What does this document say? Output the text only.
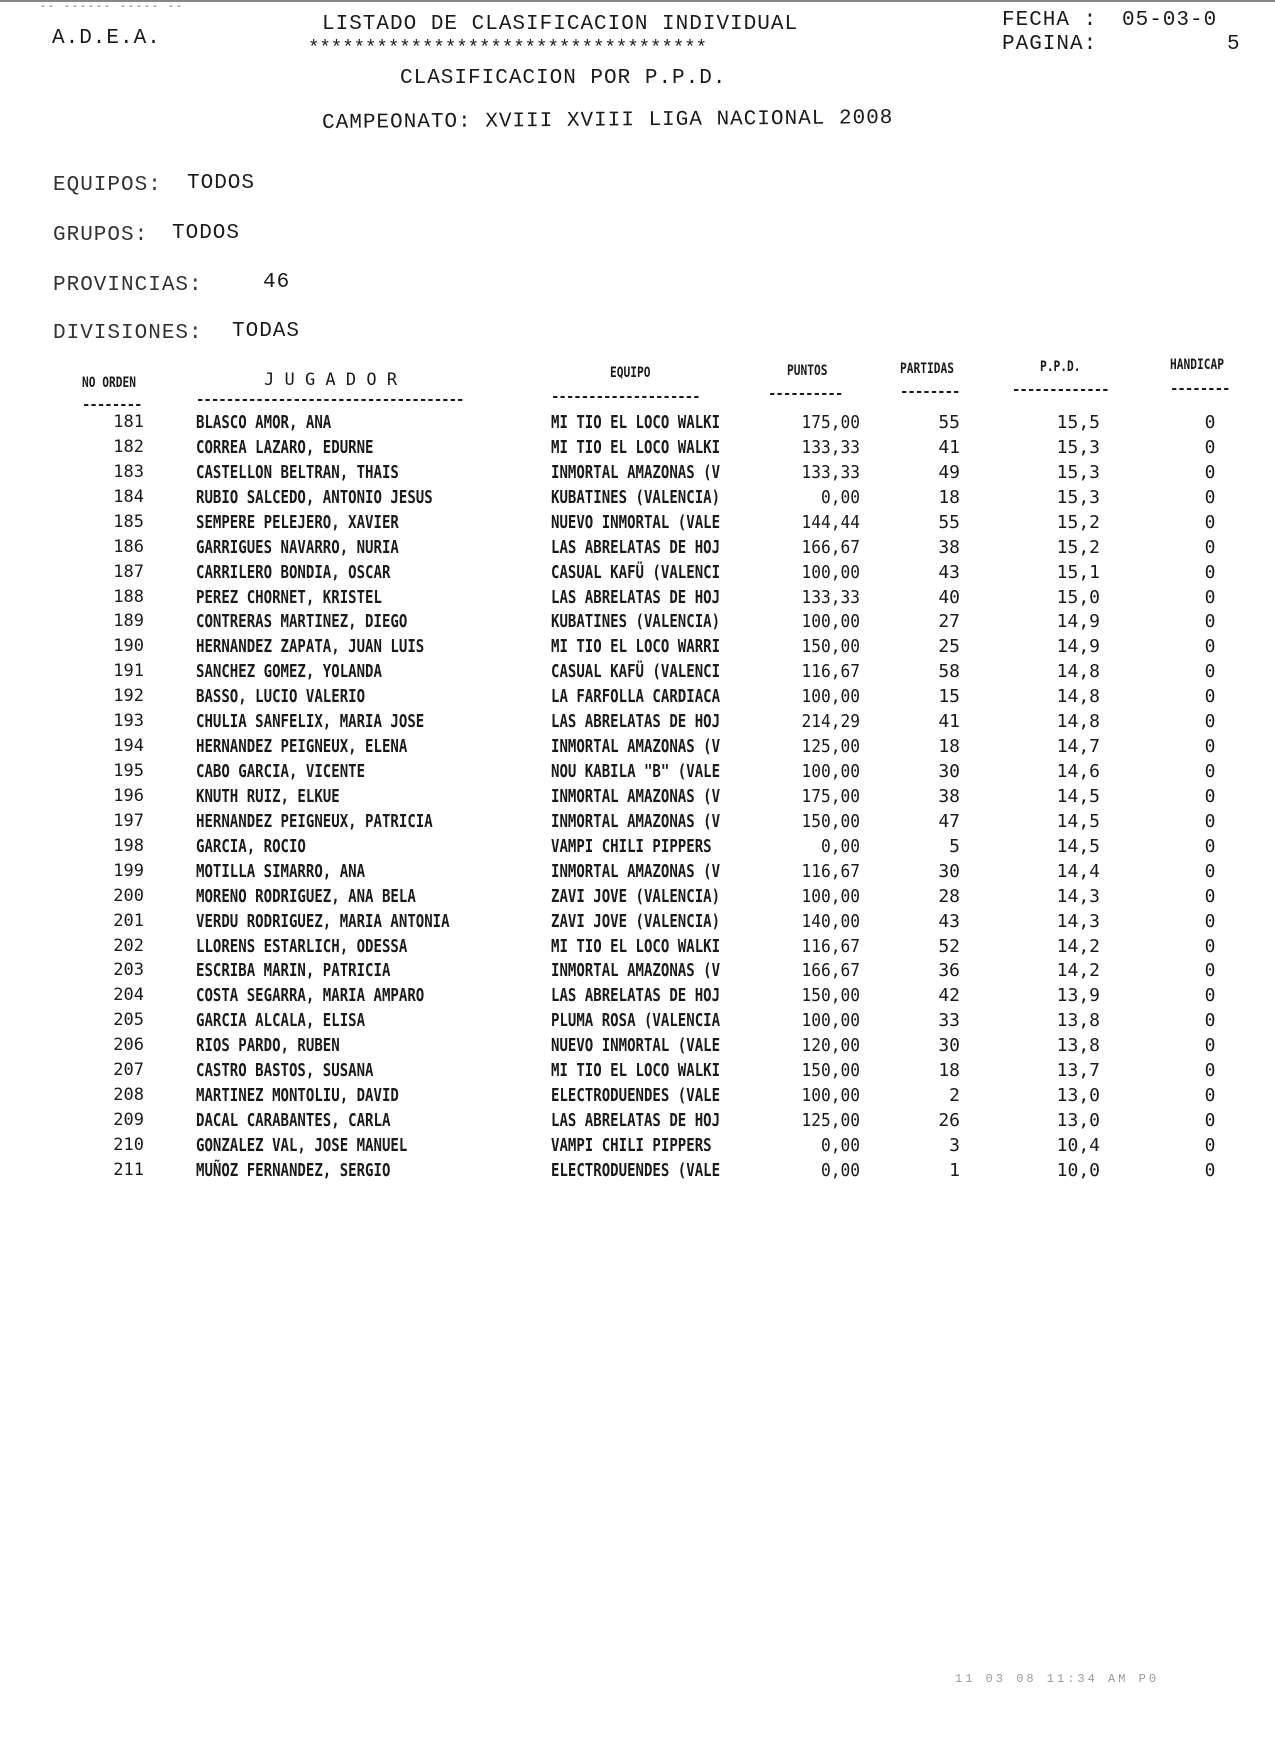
-- ------ ----- --
A.D.E.A.
LISTADO DE CLASIFICACION INDIVIDUAL
***********************************
CLASIFICACION POR P.P.D.
FECHA : 05-03-0
PAGINA:	5
CAMPEONATO: XVIII XVIII LIGA NACIONAL 2008
EQUIPOS: TODOS
GRUPOS: TODOS
PROVINCIAS:	46
DIVISIONES: TODAS
NO ORDEN	J U G A D O R	EQUIPO	PUNTOS	PARTIDAS	P.P.D.	HANDICAP
--------	------------------------------------	--------------------	----------	--------	-------------	--------
181	BLASCO AMOR, ANA	MI TIO EL LOCO WALKI	175,00	55	15,5	0
182	CORREA LAZARO, EDURNE	MI TIO EL LOCO WALKI	133,33	41	15,3	0
183	CASTELLON BELTRAN, THAIS	INMORTAL AMAZONAS (V	133,33	49	15,3	0
184	RUBIO SALCEDO, ANTONIO JESUS	KUBATINES (VALENCIA)	0,00	18	15,3	0
185	SEMPERE PELEJERO, XAVIER	NUEVO INMORTAL (VALE	144,44	55	15,2	0
186	GARRIGUES NAVARRO, NURIA	LAS ABRELATAS DE HOJ	166,67	38	15,2	0
187	CARRILERO BONDIA, OSCAR	CASUAL KAFÜ (VALENCI	100,00	43	15,1	0
188	PEREZ CHORNET, KRISTEL	LAS ABRELATAS DE HOJ	133,33	40	15,0	0
189	CONTRERAS MARTINEZ, DIEGO	KUBATINES (VALENCIA)	100,00	27	14,9	0
190	HERNANDEZ ZAPATA, JUAN LUIS	MI TIO EL LOCO WARRI	150,00	25	14,9	0
191	SANCHEZ GOMEZ, YOLANDA	CASUAL KAFÜ (VALENCI	116,67	58	14,8	0
192	BASSO, LUCIO VALERIO	LA FARFOLLA CARDIACA	100,00	15	14,8	0
193	CHULIA SANFELIX, MARIA JOSE	LAS ABRELATAS DE HOJ	214,29	41	14,8	0
194	HERNANDEZ PEIGNEUX, ELENA	INMORTAL AMAZONAS (V	125,00	18	14,7	0
195	CABO GARCIA, VICENTE	NOU KABILA "B" (VALE	100,00	30	14,6	0
196	KNUTH RUIZ, ELKUE	INMORTAL AMAZONAS (V	175,00	38	14,5	0
197	HERNANDEZ PEIGNEUX, PATRICIA	INMORTAL AMAZONAS (V	150,00	47	14,5	0
198	GARCIA, ROCIO	VAMPI CHILI PIPPERS	0,00	5	14,5	0
199	MOTILLA SIMARRO, ANA	INMORTAL AMAZONAS (V	116,67	30	14,4	0
200	MORENO RODRIGUEZ, ANA BELA	ZAVI JOVE (VALENCIA)	100,00	28	14,3	0
201	VERDU RODRIGUEZ, MARIA ANTONIA	ZAVI JOVE (VALENCIA)	140,00	43	14,3	0
202	LLORENS ESTARLICH, ODESSA	MI TIO EL LOCO WALKI	116,67	52	14,2	0
203	ESCRIBA MARIN, PATRICIA	INMORTAL AMAZONAS (V	166,67	36	14,2	0
204	COSTA SEGARRA, MARIA AMPARO	LAS ABRELATAS DE HOJ	150,00	42	13,9	0
205	GARCIA ALCALA, ELISA	PLUMA ROSA (VALENCIA	100,00	33	13,8	0
206	RIOS PARDO, RUBEN	NUEVO INMORTAL (VALE	120,00	30	13,8	0
207	CASTRO BASTOS, SUSANA	MI TIO EL LOCO WALKI	150,00	18	13,7	0
208	MARTINEZ MONTOLIU, DAVID	ELECTRODUENDES (VALE	100,00	2	13,0	0
209	DACAL CARABANTES, CARLA	LAS ABRELATAS DE HOJ	125,00	26	13,0	0
210	GONZALEZ VAL, JOSE MANUEL	VAMPI CHILI PIPPERS	0,00	3	10,4	0
211	MUÑOZ FERNANDEZ, SERGIO	ELECTRODUENDES (VALE	0,00	1	10,0	0
11 03 08 11:34 AM P0
